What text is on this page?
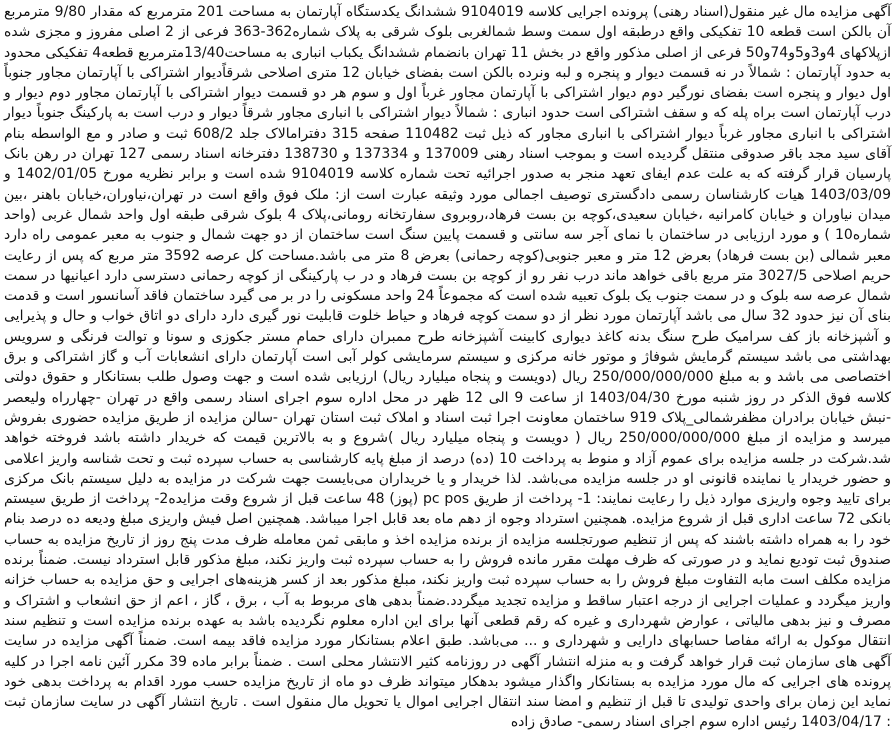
آگهی مزایده مال غیر منقول(اسناد رهنی) پرونده اجرایی کلاسه 9104019 ششدانگ یکدستگاه آپارتمان به مساحت 201 مترمربع که مقدار 9/80 مترمربع آن بالکن است قطعه 10 تفکیکی واقع درطبقه اول سمت وسط شمالغربی بلوک شرقی به پلاک شماره362-363 فرعی از 2 اصلی مفروز و مجزی شده ازپلاکهای 4و3و5و74و50 فرعی از اصلی مذکور واقع در بخش 11 تهران بانضمام ششدانگ یکباب انباری به مساحت13/40مترمربع قطعه4 تفکیکی محدود به حدود آپارتمان : شمالاً در نه قسمت دیوار و پنجره و لبه ونرده بالکن است بفضای خیابان 12 متری اصلاحی شرقاًدیوار اشتراکی با آپارتمان مجاور جنوباً اول دیوار و پنجره است بفضای نورگیر دوم دیوار اشتراکی با آپارتمان مجاور غرباً اول و سوم هر دو قسمت دیوار اشتراکی با آپارتمان مجاور دوم دیوار و درب آپارتمان است براه پله که و سقف اشتراکی است حدود انباری : شمالاً دیوار اشتراکی با انباری مجاور شرقاً دیوار و درب است به پارکینگ جنوباً دیوار اشتراکی با انباری مجاور غرباً دیوار اشتراکی با انباری مجاور که ذیل ثبت 110482 صفحه 315 دفترامالاک جلد 608/2 ثبت و صادر و مع الواسطه بنام آقای سید مجد باقر صدوقی منتقل گردیده است و بموجب اسناد رهنی 137009 و 137334 و 138730 دفترخانه اسناد رسمی 127 تهران در رهن بانک پارسیان قرار گرفته که به علت عدم ایفای تعهد منجر به صدور اجرائیه تحت شماره کلاسه 9104019 شده است و برابر نظریه مورخ 1402/01/05 و 1403/03/09 هیات کارشناسان رسمی دادگستری توصیف اجمالی مورد وثیقه عبارت است از: ملک فوق واقع است در تهران،نیاوران،خیابان باهنر ،بین میدان نیاوران و خیابان کامرانیه ،خیابان سعیدی،کوچه بن بست فرهاد،روبروی سفارتخانه رومانی،پلاک 4 بلوک شرقی طبقه اول واحد شمال غربی (واحد شماره10 ) و مورد ارزیابی در ساختمان با نمای آجر سه سانتی و قسمت پایین سنگ است ساختمان از دو جهت شمال و جنوب به معبر عمومی راه دارد معبر شمالی (بن بست فرهاد) بعرض 12 متر و معبر جنوبی(کوچه رحمانی) بعرض 8 متر می باشد.مساحت کل عرصه 3592 متر مربع که پس از رعایت حریم اصلاحی 3027/5 متر مربع باقی خواهد ماند درب نفر رو از کوچه بن بست فرهاد و در ب پارکینگی از کوچه رحمانی دسترسی دارد اعیانیها در سمت شمال عرصه سه بلوک و در سمت جنوب یک بلوک تعبیه شده است که مجموعاً 24 واحد مسکونی را در بر می گیرد ساختمان فاقد آسانسور است و قدمت بنای آن نیز حدود 32 سال می باشد آپارتمان مورد نظر از دو سمت کوچه فرهاد و حیاط خلوت قابلیت نور گیری دارد دارای دو اتاق خواب و حال و پذیرایی و آشپزخانه باز کف سرامیک طرح سنگ بدنه کاغذ دیواری کابینت آشپزخانه طرح ممبران دارای حمام مستر جکوزی و سونا و توالت فرنگی و سرویس بهداشتی می باشد سیستم گرمایش شوفاژ و موتور خانه مرکزی و سیستم سرمایشی کولر آبی است آپارتمان دارای انشعابات آب و گاز اشتراکی و برق اختصاصی می باشد و به مبلغ 250/000/000/000 ریال (دویست و پنجاه میلیارد ریال) ارزیابی شده است و جهت وصول طلب بستانکار و حقوق دولتی کلاسه فوق الذکر در روز شنبه مورخ 1403/04/30 از ساعت 9 الی 12 ظهر در محل اداره سوم اجرای اسناد رسمی واقع در تهران -چهارراه ولیعصر -نبش خیابان برادران مظفرشمالی_پلاک 919 ساختمان معاونت اجرا ثبت اسناد و املاک ثبت استان تهران -سالن مزایده از طریق مزایده حضوری بفروش میرسد و مزایده از مبلغ 250/000/000/000 ریال ( دویست و پنجاه میلیارد ریال )شروع و به بالاترین قیمت که خریدار داشته باشد فروخته خواهد شد.شرکت در جلسه مزایده برای عموم آزاد و منوط به پرداخت 10 (ده) درصد از مبلغ پایه کارشناسی به حساب سپرده ثبت و تحت شناسه واریز اعلامی و حضور خریدار یا نماینده قانونی او در جلسه مزایده می‌باشد. لذا خریدار و یا خریداران می‌بایست جهت شرکت در مزایده به دلیل سیستم بانک مرکزی برای تایید وجوه واریزی موارد ذیل را رعایت نمایند: 1- پرداخت از طریق pc pos (پوز) 48 ساعت قبل از شروع وقت مزایده2- پرداخت از طریق سیستم بانکی 72 ساعت اداری قبل از شروع مزایده. همچنین استرداد وجوه از دهم ماه بعد قابل اجرا میباشد. همچنین اصل فیش واریزی مبلغ ودیعه ده درصد بنام خود را به همراه داشته باشند که پس از تنظیم صورتجلسه مزایده از برنده مزایده اخذ و مابقی ثمن معامله ظرف مدت پنج روز از تاریخ مزایده به حساب صندوق ثبت تودیع نماید و در صورتی که ظرف مهلت مقرر مانده فروش را به حساب سپرده ثبت واریز نکند، مبلغ مذکور قابل استرداد نیست. ضمناً برنده مزایده مکلف است مابه التفاوت مبلغ فروش را به حساب سپرده ثبت واریز نکند، مبلغ مذکور بعد از کسر هزینه‌های اجرایی و حق مزایده به حساب خزانه واریز میگردد و عملیات اجرایی از درجه اعتبار ساقط و مزایده تجدید میگردد.ضمناً بدهی های مربوط به آب ، برق ، گاز ، اعم از حق انشعاب و اشتراک و مصرف و نیز بدهی مالیاتی ، عوارض شهرداری و غیره که رقم قطعی آنها برای این اداره معلوم نگردیده باشد به عهده برنده مزایده است و تنظیم سند انتقال موکول به ارائه مفاصا حسابهای دارایی و شهرداری و ... می‌باشد. طبق اعلام بستانکار مورد مزایده فاقد بیمه است. ضمناً آگهی مزایده در سایت آگهی های سازمان ثبت قرار خواهد گرفت و به منزله انتشار آگهی در روزنامه کثیر الانتشار محلی است . ضمناً برابر ماده 39 مکرر آئین نامه اجرا در کلیه پرونده های اجرایی که مال مورد مزایده به بستانکار واگذار میشود بدهکار میتواند ظرف دو ماه از تاریخ مزایده حسب مورد اقدام به پرداخت بدهی خود نماید این زمان برای واحدی تولیدی تا قبل از تنظیم و امضا سند انتقال اجرایی اموال یا تحویل مال منقول است . تاریخ انتشار آگهی در سایت سازمان ثبت : 1403/04/17 رئیس اداره سوم اجرای اسناد رسمی- صادق زاده
